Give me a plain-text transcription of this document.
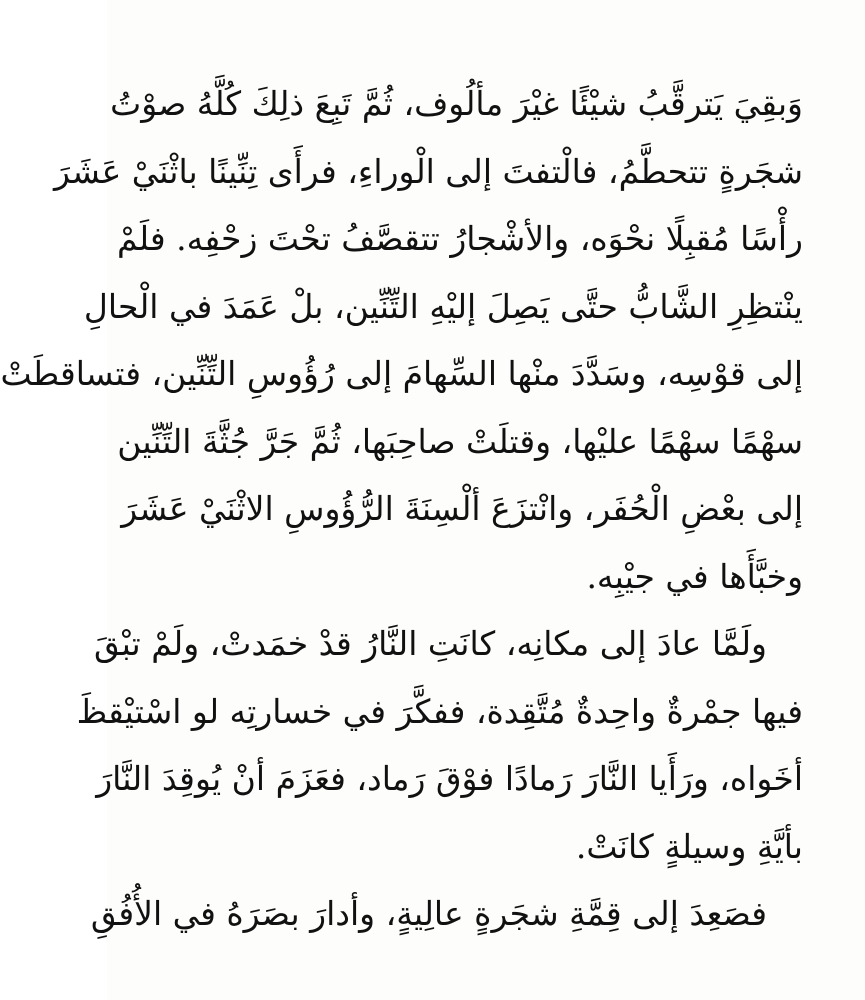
وَبقِيَ يَترقَّبُ شيْئًا غيْرَ مألُوف، ثُمَّ تَبِعَ ذلِكَ كُلَّهُ صوْتُ
شجَرةٍ تتحطَّمُ، فالْتفتَ إلى الْوراءِ، فرأَى تِنِّينًا باثْنَيْ عَشَرَ
رأْسًا مُقبِلًا نحْوَه، والأشْجارُ تتقصَّفُ تحْتَ زحْفِه. فلَمْ
ينْتظِرِ الشَّابُّ حتَّى يَصِلَ إليْهِ التِّنِّين، بلْ عَمَدَ في الْحالِ
إلى قوْسِه، وسَدَّدَ منْها السِّهامَ إلى رُؤُوسِ التِّنِّين، فتساقطَتْ
سهْمًا سهْمًا عليْها، وقتلَتْ صاحِبَها، ثُمَّ جَرَّ جُثَّةَ التِّنِّين
إلى بعْضِ الْحُفَر، وانْتزَعَ ألْسِنَةَ الرُّؤُوسِ الاثْنَيْ عَشَرَ
وخبَّأَها في جيْبِه.
ولَمَّا عادَ إلى مكانِه، كانَتِ النَّارُ قدْ خمَدتْ، ولَمْ تبْقَ
فيها جمْرةٌ واحِدةٌ مُتَّقِدة، ففكَّرَ في خسارتِه لو اسْتيْقظَ
أخَواه، ورَأَيا النَّارَ رَمادًا فوْقَ رَماد، فعَزَمَ أنْ يُوقِدَ النَّارَ
بأيَّةِ وسيلةٍ كانَتْ.
فصَعِدَ إلى قِمَّةِ شجَرةٍ عالِيةٍ، وأدارَ بصَرَهُ في الأُفُقِ
